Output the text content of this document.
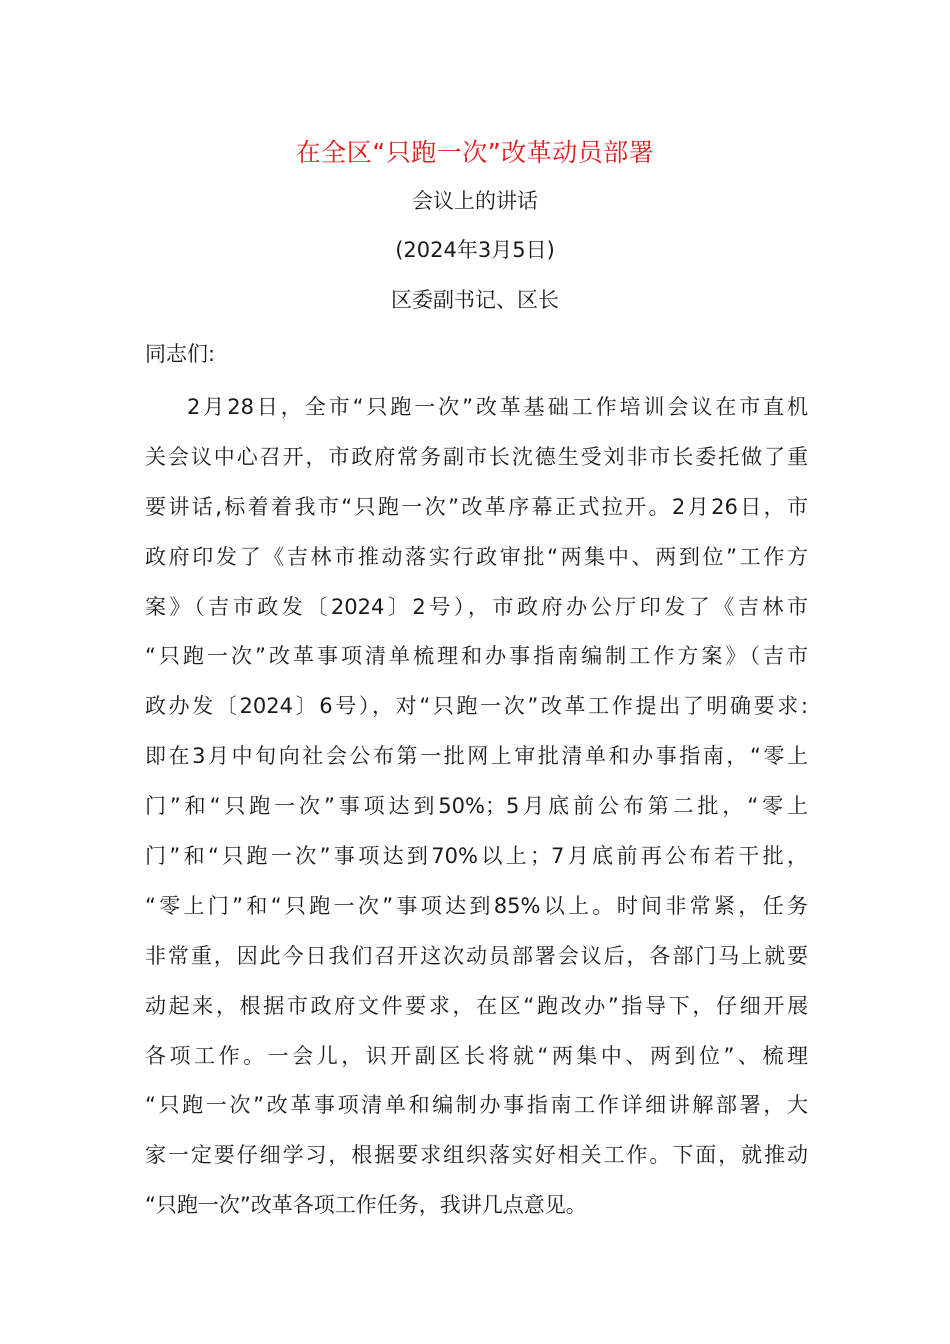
在全区“只跑一次”改革动员部署
会议上的讲话
(2024年3月5日)
区委副书记、区长
同志们:
2月28日，全市“只跑一次”改革基础工作培训会议在市直机
关会议中心召开，市政府常务副市长沈德生受刘非市长委托做了重
要讲话,标着着我市“只跑一次”改革序幕正式拉开。2月26日，市
政府印发了《吉林市推动落实行政审批“两集中、两到位”工作方
案》（吉市政发〔2024〕2号），市政府办公厅印发了《吉林市
“只跑一次”改革事项清单梳理和办事指南编制工作方案》（吉市
政办发〔2024〕6号），对“只跑一次”改革工作提出了明确要求:
即在3月中旬向社会公布第一批网上审批清单和办事指南，“零上
门”和“只跑一次”事项达到50%；5月底前公布第二批，“零上
门”和“只跑一次”事项达到70%以上；7月底前再公布若干批，
“零上门”和“只跑一次”事项达到85%以上。时间非常紧，任务
非常重，因此今日我们召开这次动员部署会议后，各部门马上就要
动起来，根据市政府文件要求，在区“跑改办”指导下，仔细开展
各项工作。一会儿，识开副区长将就“两集中、两到位”、梳理
“只跑一次”改革事项清单和编制办事指南工作详细讲解部署，大
家一定要仔细学习，根据要求组织落实好相关工作。下面，就推动
“只跑一次”改革各项工作任务，我讲几点意见。
